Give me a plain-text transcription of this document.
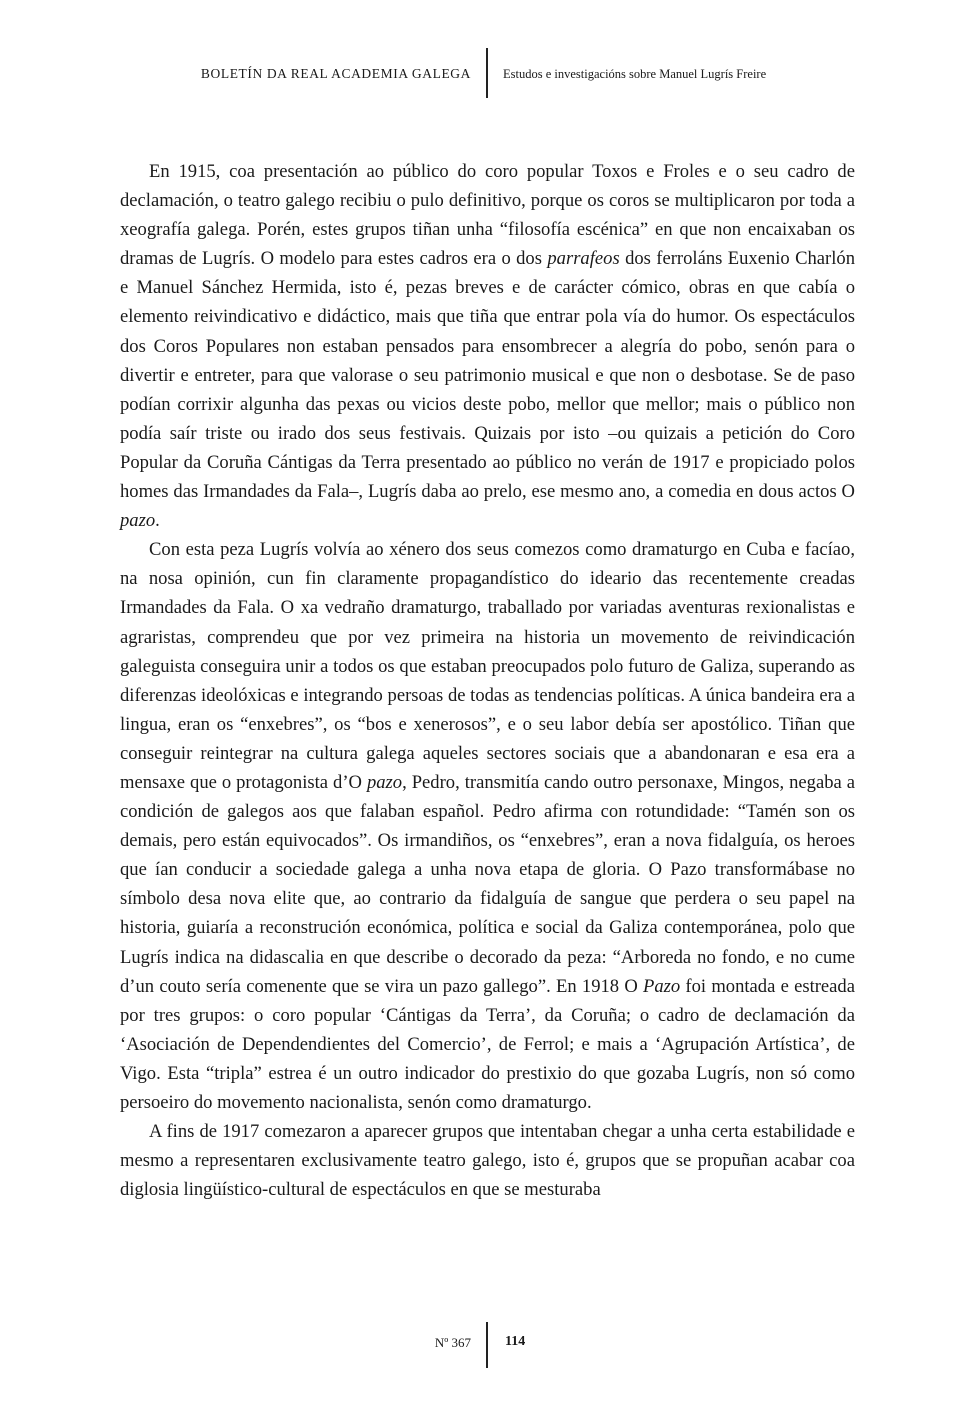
BOLETÍN DA REAL ACADEMIA GALEGA	Estudos e investigacións sobre Manuel Lugrís Freire

En 1915, coa presentación ao público do coro popular Toxos e Froles e o seu cadro de declamación, o teatro galego recibiu o pulo definitivo, porque os coros se multiplicaron por toda a xeografía galega. Porén, estes grupos tiñan unha “filosofía escénica” en que non encaixaban os dramas de Lugrís. O modelo para estes cadros era o dos parrafeos dos ferroláns Euxenio Charlón e Manuel Sánchez Hermida, isto é, pezas breves e de carácter cómico, obras en que cabía o elemento reivindicativo e didáctico, mais que tiña que entrar pola vía do humor. Os espectáculos dos Coros Populares non estaban pensados para ensombrecer a alegría do pobo, senón para o divertir e entreter, para que valorase o seu patrimonio musical e que non o desbotase. Se de paso podían corrixir algunha das pexas ou vicios deste pobo, mellor que mellor; mais o público non podía saír triste ou irado dos seus festivais. Quizais por isto –ou quizais a petición do Coro Popular da Coruña Cántigas da Terra presentado ao público no verán de 1917 e propiciado polos homes das Irmandades da Fala–, Lugrís daba ao prelo, ese mesmo ano, a comedia en dous actos O pazo.

Con esta peza Lugrís volvía ao xénero dos seus comezos como dramaturgo en Cuba e facíao, na nosa opinión, cun fin claramente propagandístico do ideario das recentemente creadas Irmandades da Fala. O xa vedraño dramaturgo, traballado por variadas aventuras rexionalistas e agraristas, comprendeu que por vez primeira na historia un movemento de reivindicación galeguista conseguira unir a todos os que estaban preocupados polo futuro de Galiza, superando as diferenzas ideolóxicas e integrando persoas de todas as tendencias políticas. A única bandeira era a lingua, eran os “enxebres”, os “bos e xenerosos”, e o seu labor debía ser apostólico. Tiñan que conseguir reintegrar na cultura galega aqueles sectores sociais que a abandonaran e esa era a mensaxe que o protagonista d’O pazo, Pedro, transmitía cando outro personaxe, Mingos, negaba a condición de galegos aos que falaban español. Pedro afirma con rotundidade: “Tamén son os demais, pero están equivocados”. Os irmandiños, os “enxebres”, eran a nova fidalguía, os heroes que ían conducir a sociedade galega a unha nova etapa de gloria. O Pazo transformábase no símbolo desa nova elite que, ao contrario da fidalguía de sangue que perdera o seu papel na historia, guiaría a reconstrución económica, política e social da Galiza contemporánea, polo que Lugrís indica na didascalia en que describe o decorado da peza: “Arboreda no fondo, e no cume d’un couto sería comenente que se vira un pazo gallego”. En 1918 O Pazo foi montada e estreada por tres grupos: o coro popular ‘Cántigas da Terra’, da Coruña; o cadro de declamación da ‘Asociación de Dependendientes del Comercio’, de Ferrol; e mais a ‘Agrupación Artística’, de Vigo. Esta “tripla” estrea é un outro indicador do prestixio do que gozaba Lugrís, non só como persoeiro do movemento nacionalista, senón como dramaturgo.

A fins de 1917 comezaron a aparecer grupos que intentaban chegar a unha certa estabilidade e mesmo a representaren exclusivamente teatro galego, isto é, grupos que se propuñan acabar coa diglosia lingüístico-cultural de espectáculos en que se mesturaba

Nº 367 114
